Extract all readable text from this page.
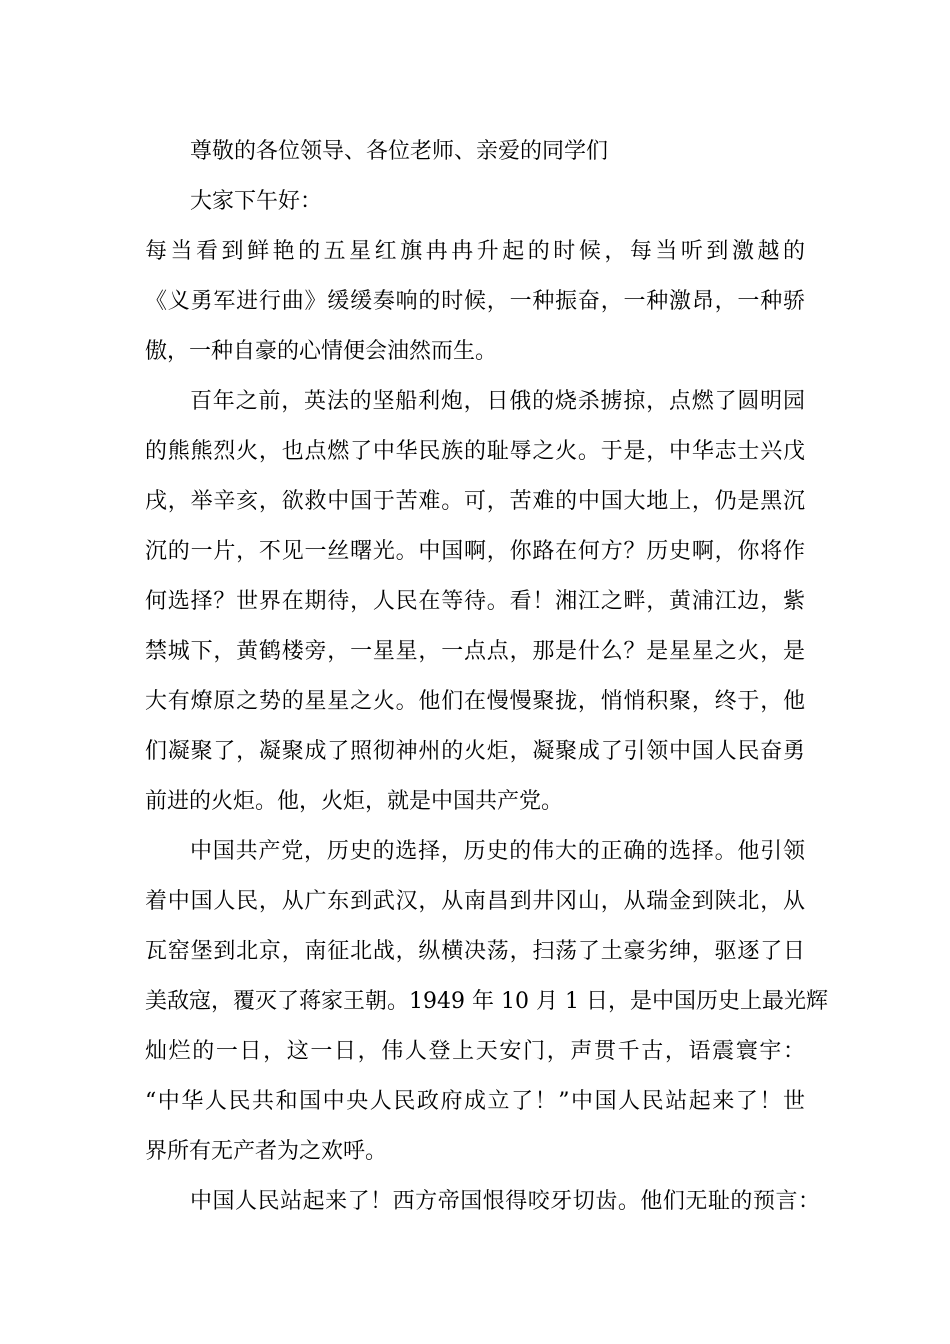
尊敬的各位领导、各位老师、亲爱的同学们
大家下午好：
每当看到鲜艳的五星红旗冉冉升起的时候，每当听到激越的
《义勇军进行曲》缓缓奏响的时候，一种振奋，一种激昂，一种骄
傲，一种自豪的心情便会油然而生。
百年之前，英法的坚船利炮，日俄的烧杀掳掠，点燃了圆明园
的熊熊烈火，也点燃了中华民族的耻辱之火。于是，中华志士兴戊
戌，举辛亥，欲救中国于苦难。可，苦难的中国大地上，仍是黑沉
沉的一片，不见一丝曙光。中国啊，你路在何方？历史啊，你将作
何选择？世界在期待，人民在等待。看！湘江之畔，黄浦江边，紫
禁城下，黄鹤楼旁，一星星，一点点，那是什么？是星星之火，是
大有燎原之势的星星之火。他们在慢慢聚拢，悄悄积聚，终于，他
们凝聚了，凝聚成了照彻神州的火炬，凝聚成了引领中国人民奋勇
前进的火炬。他，火炬，就是中国共产党。
中国共产党，历史的选择，历史的伟大的正确的选择。他引领
着中国人民，从广东到武汉，从南昌到井冈山，从瑞金到陕北，从
瓦窑堡到北京，南征北战，纵横决荡，扫荡了土豪劣绅，驱逐了日
美敌寇，覆灭了蒋家王朝。1949 年 10 月 1 日，是中国历史上最光辉
灿烂的一日，这一日，伟人登上天安门，声贯千古，语震寰宇：
“中华人民共和国中央人民政府成立了！”中国人民站起来了！世
界所有无产者为之欢呼。
中国人民站起来了！西方帝国恨得咬牙切齿。他们无耻的预言：
